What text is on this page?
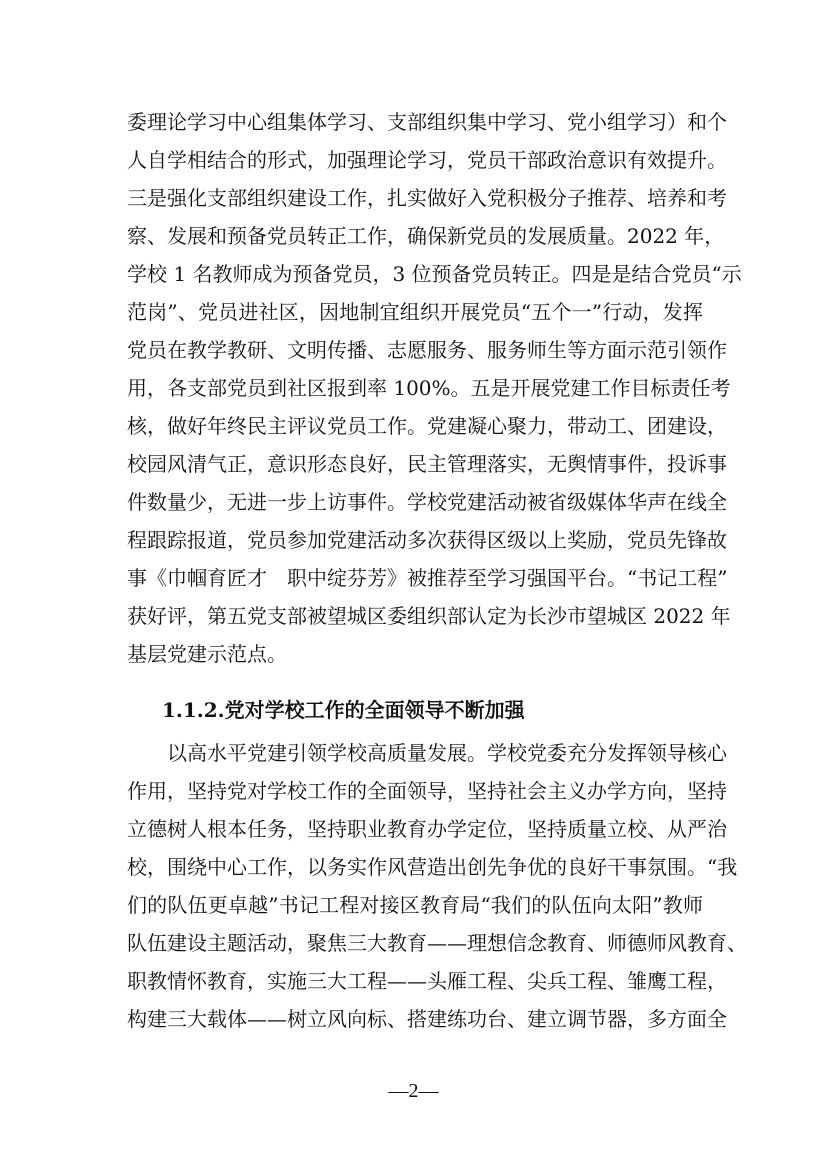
委理论学习中心组集体学习、支部组织集中学习、党小组学习）和个
人自学相结合的形式，加强理论学习，党员干部政治意识有效提升。
三是强化支部组织建设工作，扎实做好入党积极分子推荐、培养和考
察、发展和预备党员转正工作，确保新党员的发展质量。2022 年，
学校 1 名教师成为预备党员，3 位预备党员转正。四是是结合党员“示
范岗”、党员进社区，因地制宜组织开展党员“五个一”行动，发挥
党员在教学教研、文明传播、志愿服务、服务师生等方面示范引领作
用，各支部党员到社区报到率 100%。五是开展党建工作目标责任考
核，做好年终民主评议党员工作。党建凝心聚力，带动工、团建设，
校园风清气正，意识形态良好，民主管理落实，无舆情事件，投诉事
件数量少，无进一步上访事件。学校党建活动被省级媒体华声在线全
程跟踪报道，党员参加党建活动多次获得区级以上奖励，党员先锋故
事《巾帼育匠才　职中绽芬芳》被推荐至学习强国平台。“书记工程”
获好评，第五党支部被望城区委组织部认定为长沙市望城区 2022 年
基层党建示范点。
1.1.2.党对学校工作的全面领导不断加强
以高水平党建引领学校高质量发展。学校党委充分发挥领导核心
作用，坚持党对学校工作的全面领导，坚持社会主义办学方向，坚持
立德树人根本任务，坚持职业教育办学定位，坚持质量立校、从严治
校，围绕中心工作，以务实作风营造出创先争优的良好干事氛围。“我
们的队伍更卓越”书记工程对接区教育局“我们的队伍向太阳”教师
队伍建设主题活动，聚焦三大教育——理想信念教育、师德师风教育、
职教情怀教育，实施三大工程——头雁工程、尖兵工程、雏鹰工程，
构建三大载体——树立风向标、搭建练功台、建立调节器，多方面全
—2—
